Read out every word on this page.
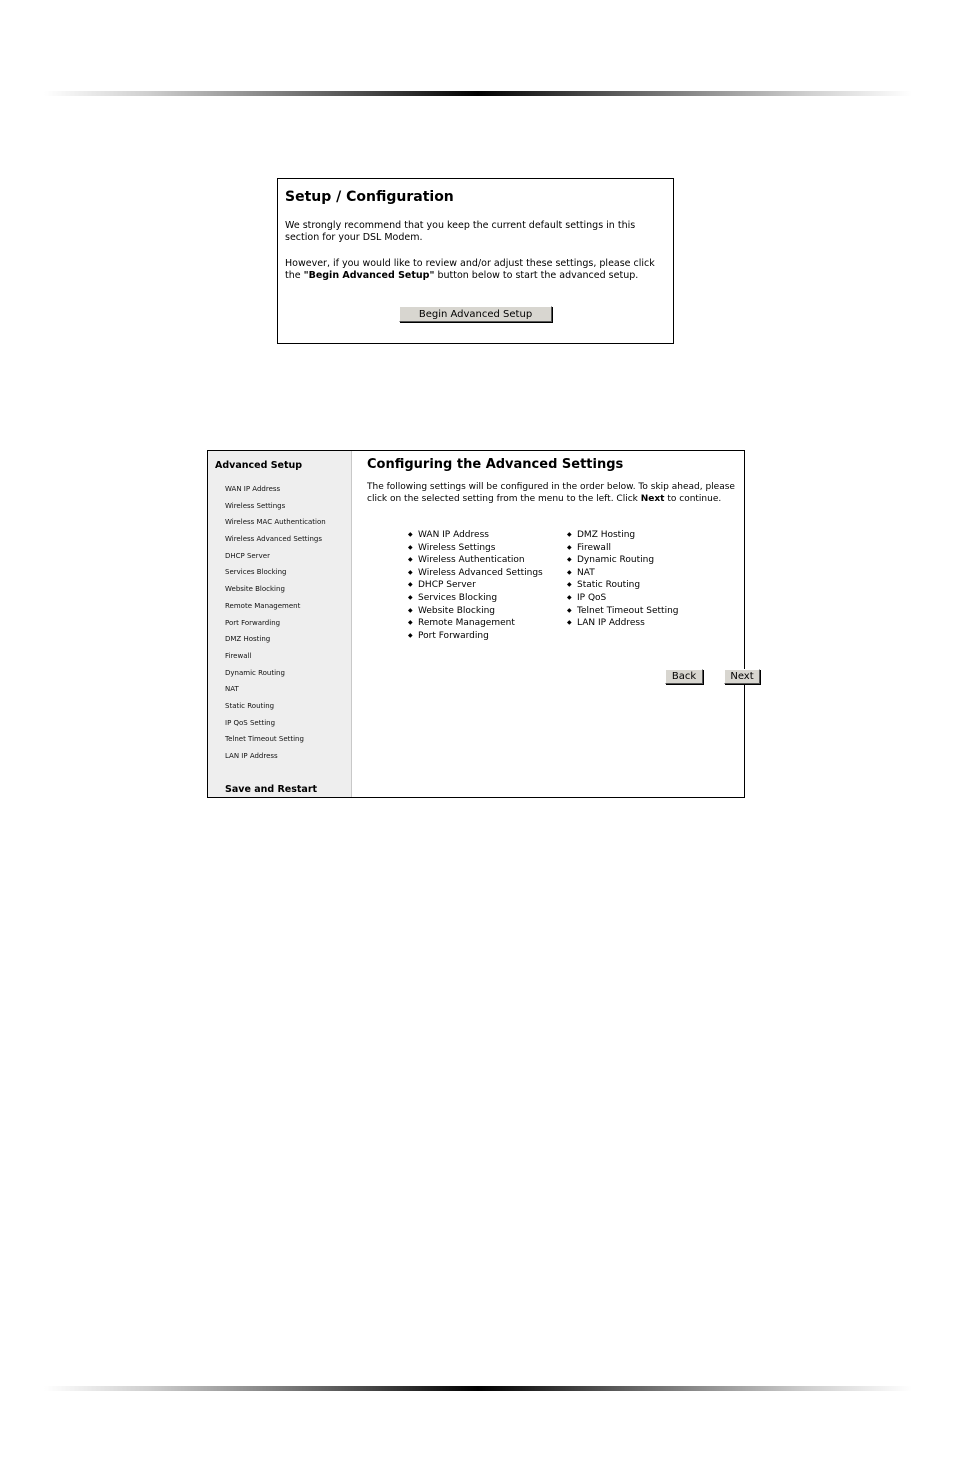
Setup / Configuration
We strongly recommend that you keep the current default settings in this section for your DSL Modem.
However, if you would like to review and/or adjust these settings, please click the "Begin Advanced Setup" button below to start the advanced setup.
Begin Advanced Setup
Advanced Setup
WAN IP Address
Wireless Settings
Wireless MAC Authentication
Wireless Advanced Settings
DHCP Server
Services Blocking
Website Blocking
Remote Management
Port Forwarding
DMZ Hosting
Firewall
Dynamic Routing
NAT
Static Routing
IP QoS Setting
Telnet Timeout Setting
LAN IP Address
Save and Restart
Configuring the Advanced Settings
The following settings will be configured in the order below. To skip ahead, please click on the selected setting from the menu to the left. Click Next to continue.
◆ WAN IP Address
◆ Wireless Settings
◆ Wireless Authentication
◆ Wireless Advanced Settings
◆ DHCP Server
◆ Services Blocking
◆ Website Blocking
◆ Remote Management
◆ Port Forwarding
◆ DMZ Hosting
◆ Firewall
◆ Dynamic Routing
◆ NAT
◆ Static Routing
◆ IP QoS
◆ Telnet Timeout Setting
◆ LAN IP Address
Back	Next
